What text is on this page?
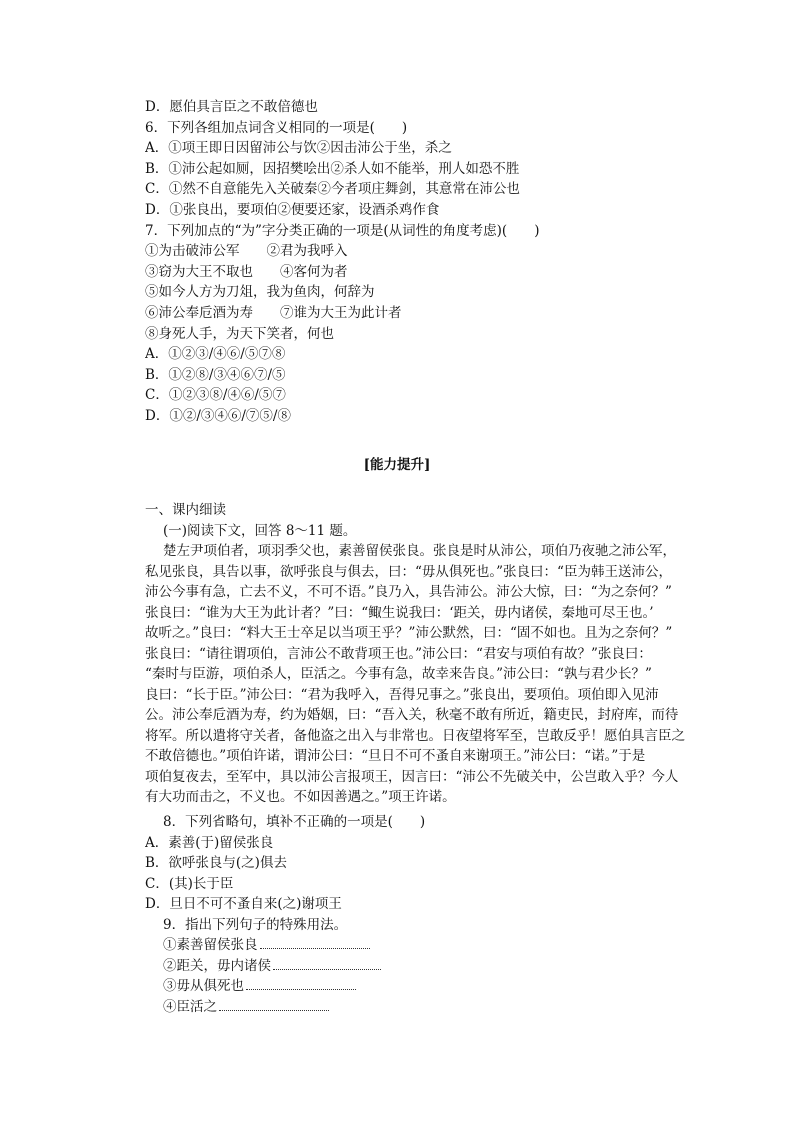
D．愿伯具言臣之不敢倍德也
6．下列各组加点词含义相同的一项是(　　)
A．①项王即日因留沛公与饮②因击沛公于坐，杀之
B．①沛公起如厕，因招樊哙出②杀人如不能举，刑人如恐不胜
C．①然不自意能先入关破秦②今者项庄舞剑，其意常在沛公也
D．①张良出，要项伯②便要还家，设酒杀鸡作食
7．下列加点的“为”字分类正确的一项是(从词性的角度考虑)(　　)
①为击破沛公军　　②君为我呼入
③窃为大王不取也　　④客何为者
⑤如今人方为刀俎，我为鱼肉，何辞为
⑥沛公奉卮酒为寿　　⑦谁为大王为此计者
⑧身死人手，为天下笑者，何也
A．①②③/④⑥/⑤⑦⑧
B．①②⑧/③④⑥⑦/⑤
C．①②③⑧/④⑥/⑤⑦
D．①②/③④⑥/⑦⑤/⑧
[能力提升]
一、课内细读
(一)阅读下文，回答 8～11 题。
楚左尹项伯者，项羽季父也，素善留侯张良。张良是时从沛公，项伯乃夜驰之沛公军，
私见张良，具告以事，欲呼张良与俱去，曰：“毋从俱死也。”张良曰：“臣为韩王送沛公，
沛公今事有急，亡去不义，不可不语。”良乃入，具告沛公。沛公大惊，曰：“为之奈何？”
张良曰：“谁为大王为此计者？”曰：“鲰生说我曰：‘距关，毋内诸侯，秦地可尽王也。’
故听之。”良曰：“料大王士卒足以当项王乎？”沛公默然，曰：“固不如也。且为之奈何？”
张良曰：“请往谓项伯，言沛公不敢背项王也。”沛公曰：“君安与项伯有故？”张良曰：
“秦时与臣游，项伯杀人，臣活之。今事有急，故幸来告良。”沛公曰：“孰与君少长？”
良曰：“长于臣。”沛公曰：“君为我呼入，吾得兄事之。”张良出，要项伯。项伯即入见沛
公。沛公奉卮酒为寿，约为婚姻，曰：“吾入关，秋毫不敢有所近，籍吏民，封府库，而待
将军。所以遣将守关者，备他盗之出入与非常也。日夜望将军至，岂敢反乎！愿伯具言臣之
不敢倍德也。”项伯许诺，谓沛公曰：“旦日不可不蚤自来谢项王。”沛公曰：“诺。”于是
项伯复夜去，至军中，具以沛公言报项王，因言曰：“沛公不先破关中，公岂敢入乎？今人
有大功而击之，不义也。不如因善遇之。”项王许诺。
8．下列省略句，填补不正确的一项是(　　)
A．素善(于)留侯张良
B．欲呼张良与(之)俱去
C．(其)长于臣
D．旦日不可不蚤自来(之)谢项王
9．指出下列句子的特殊用法。
①素善留侯张良
②距关，毋内诸侯
③毋从俱死也
④臣活之
